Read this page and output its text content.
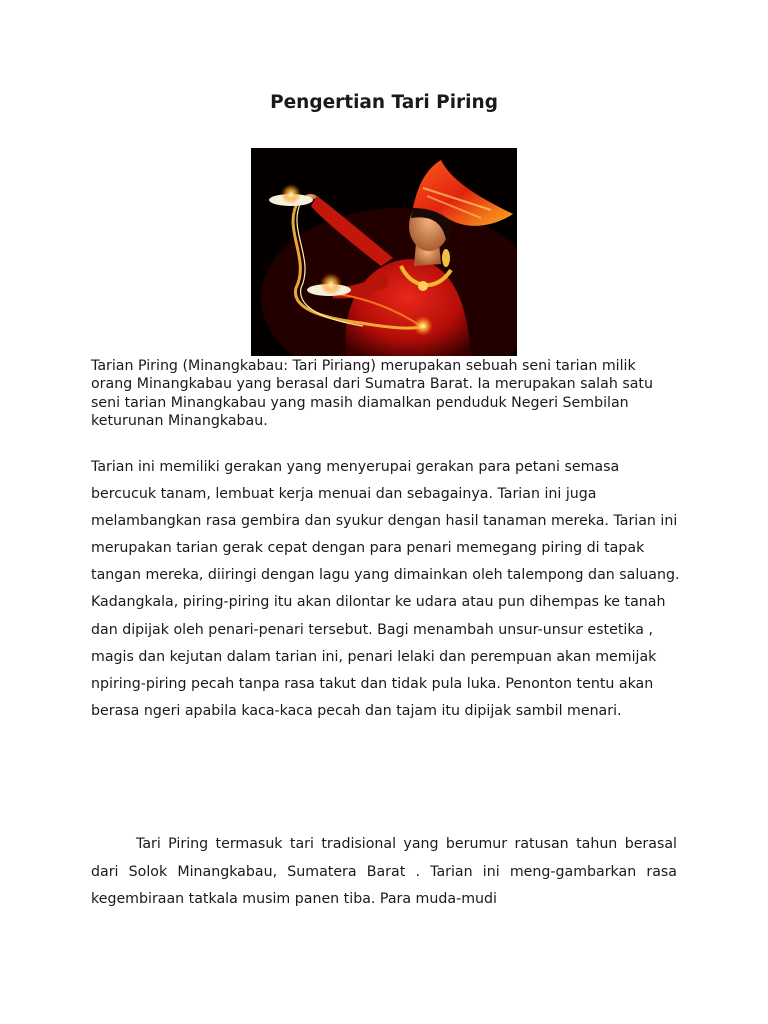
Pengertian Tari Piring

Tarian Piring (Minangkabau: Tari Piriang) merupakan sebuah seni tarian milik orang Minangkabau yang berasal dari Sumatra Barat. Ia merupakan salah satu seni tarian Minangkabau yang masih diamalkan penduduk Negeri Sembilan keturunan Minangkabau.

Tarian ini memiliki gerakan yang menyerupai gerakan para petani semasa bercucuk tanam, lembuat kerja menuai dan sebagainya. Tarian ini juga melambangkan rasa gembira dan syukur dengan hasil tanaman mereka. Tarian ini merupakan tarian gerak cepat dengan para penari memegang piring di tapak tangan mereka, diiringi dengan lagu yang dimainkan oleh talempong dan saluang. Kadangkala, piring-piring itu akan dilontar ke udara atau pun dihempas ke tanah dan dipijak oleh penari-penari tersebut. Bagi menambah unsur-unsur estetika , magis dan kejutan dalam tarian ini, penari lelaki dan perempuan akan memijak npiring-piring pecah tanpa rasa takut dan tidak pula luka. Penonton tentu akan berasa ngeri apabila kaca-kaca pecah dan tajam itu dipijak sambil menari.

Tari Piring termasuk tari tradisional yang berumur ratusan tahun berasal dari Solok Minangkabau, Sumatera Barat . Tarian ini meng-gambarkan rasa kegembiraan tatkala musim panen tiba. Para muda-mudi
